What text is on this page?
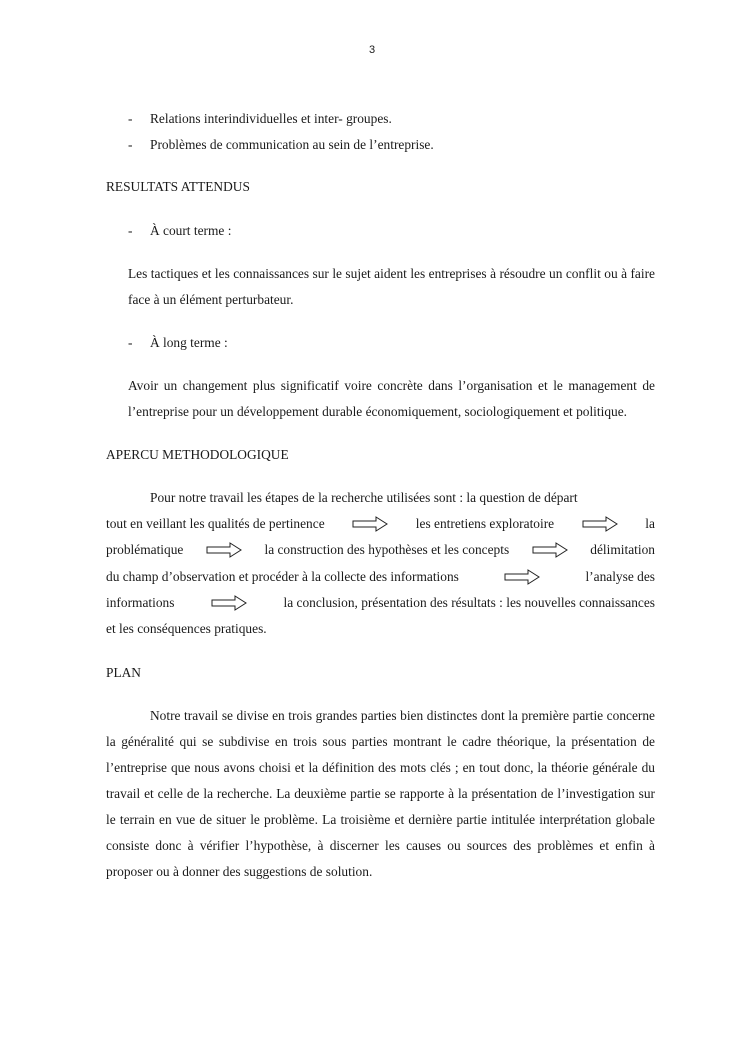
3
-	Relations interindividuelles et inter- groupes.
-	Problèmes de communication au sein de l’entreprise.
RESULTATS ATTENDUS
-	À court terme :
Les tactiques et les connaissances sur le sujet aident les entreprises à résoudre un conflit ou à faire face à un élément perturbateur.
-	À long terme :
Avoir un changement plus significatif voire concrète dans l’organisation et le management de l’entreprise pour un développement durable économiquement, sociologiquement et politique.
APERCU METHODOLOGIQUE
Pour notre travail les étapes de la recherche utilisées sont : la question de départ
tout en veillant les qualités de pertinence	les entretiens exploratoire	la
problématique	la construction des hypothèses et les concepts	délimitation
du champ d’observation et procéder à la collecte des informations	l’analyse des
informations	la conclusion, présentation des résultats : les nouvelles connaissances
et les conséquences pratiques.
PLAN

Notre travail se divise en trois grandes parties bien distinctes dont la première partie concerne la généralité qui se subdivise en trois sous parties montrant le cadre théorique, la présentation de l’entreprise que nous avons choisi et la définition des mots clés ; en tout donc, la théorie générale du travail et celle de la recherche. La deuxième partie se rapporte à la présentation de l’investigation sur le terrain en vue de situer le problème. La troisième et dernière partie intitulée interprétation globale consiste donc à vérifier l’hypothèse, à discerner les causes ou sources des problèmes et enfin à proposer ou à donner des suggestions de solution.
